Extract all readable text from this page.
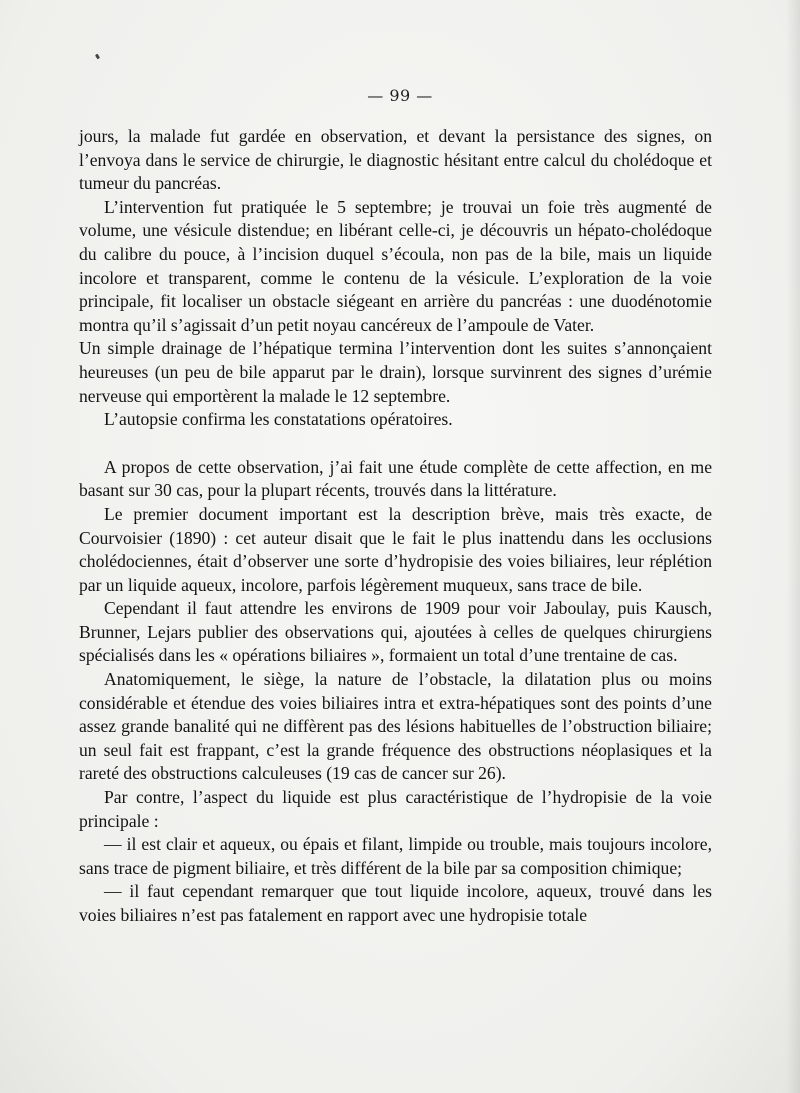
— 99 —

jours, la malade fut gardée en observation, et devant la persistance des signes, on l’envoya dans le service de chirurgie, le diagnostic hésitant entre calcul du cholédoque et tumeur du pancréas.

L’intervention fut pratiquée le 5 septembre; je trouvai un foie très augmenté de volume, une vésicule distendue; en libérant celle-ci, je découvris un hépato-cholédoque du calibre du pouce, à l’incision duquel s’écoula, non pas de la bile, mais un liquide incolore et transparent, comme le contenu de la vésicule. L’exploration de la voie principale, fit localiser un obstacle siégeant en arrière du pancréas : une duodénotomie montra qu’il s’agissait d’un petit noyau cancéreux de l’ampoule de Vater.

Un simple drainage de l’hépatique termina l’intervention dont les suites s’annonçaient heureuses (un peu de bile apparut par le drain), lorsque survinrent des signes d’urémie nerveuse qui emportèrent la malade le 12 septembre.

L’autopsie confirma les constatations opératoires.

A propos de cette observation, j’ai fait une étude complète de cette affection, en me basant sur 30 cas, pour la plupart récents, trouvés dans la littérature.

Le premier document important est la description brève, mais très exacte, de Courvoisier (1890) : cet auteur disait que le fait le plus inattendu dans les occlusions cholédociennes, était d’observer une sorte d’hydropisie des voies biliaires, leur réplétion par un liquide aqueux, incolore, parfois légèrement muqueux, sans trace de bile.

Cependant il faut attendre les environs de 1909 pour voir Jaboulay, puis Kausch, Brunner, Lejars publier des observations qui, ajoutées à celles de quelques chirurgiens spécialisés dans les « opérations biliaires », formaient un total d’une trentaine de cas.

Anatomiquement, le siège, la nature de l’obstacle, la dilatation plus ou moins considérable et étendue des voies biliaires intra et extra-hépatiques sont des points d’une assez grande banalité qui ne diffèrent pas des lésions habituelles de l’obstruction biliaire; un seul fait est frappant, c’est la grande fréquence des obstructions néoplasiques et la rareté des obstructions calculeuses (19 cas de cancer sur 26).

Par contre, l’aspect du liquide est plus caractéristique de l’hydropisie de la voie principale :

— il est clair et aqueux, ou épais et filant, limpide ou trouble, mais toujours incolore, sans trace de pigment biliaire, et très différent de la bile par sa composition chimique;

— il faut cependant remarquer que tout liquide incolore, aqueux, trouvé dans les voies biliaires n’est pas fatalement en rapport avec une hydropisie totale
